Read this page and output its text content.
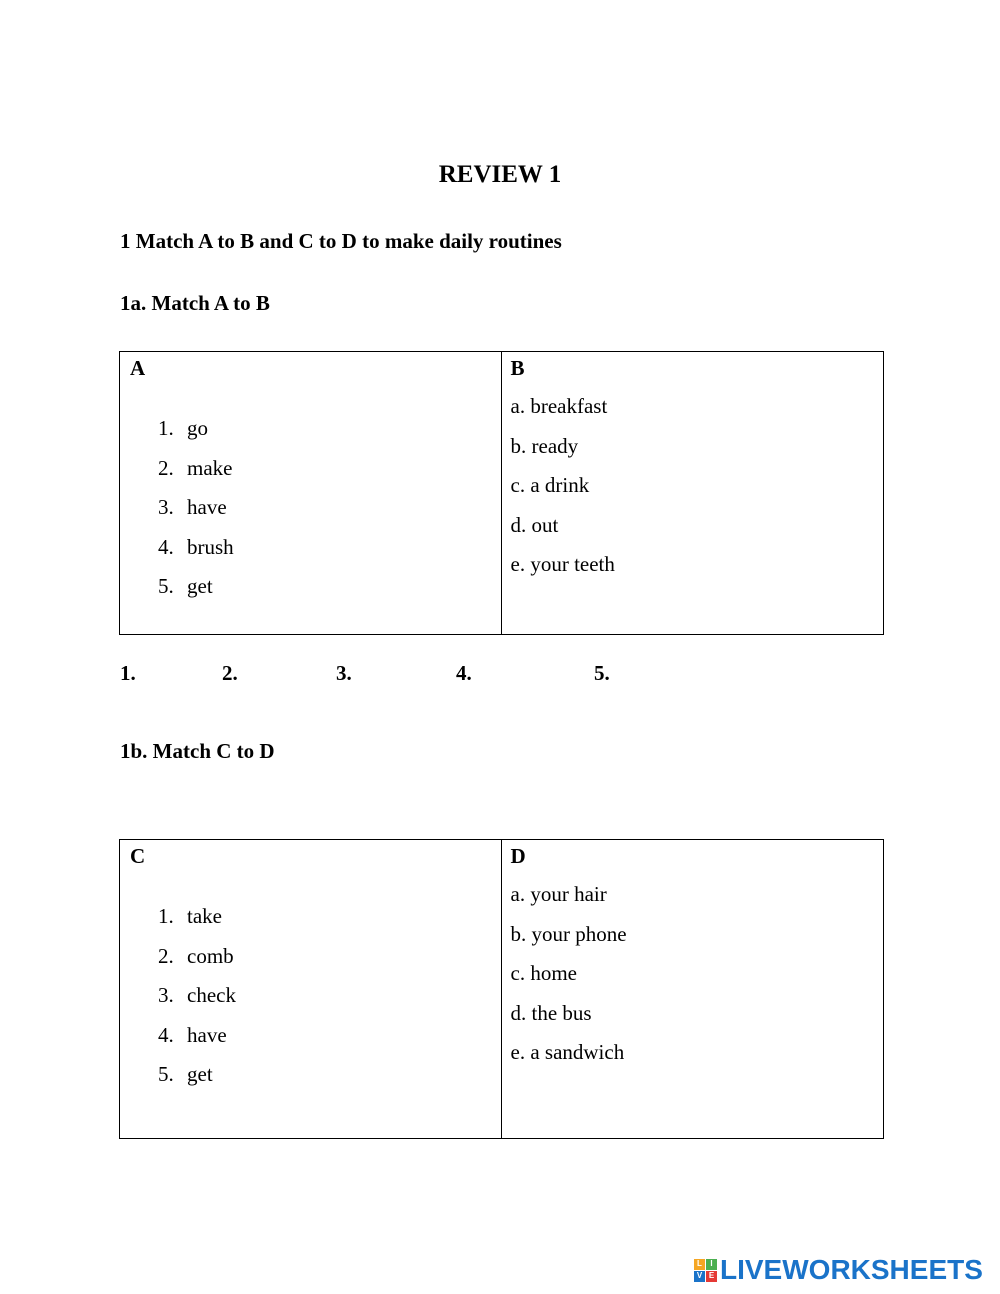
REVIEW 1
1 Match A to B and C to D to make daily routines
1a. Match A to B
A
1. go
2. make
3. have
4. brush
5. get
B
a. breakfast
b. ready
c. a drink
d. out
e. your teeth
1.	2.	3.	4.	5.
1b. Match C to D
C
1. take
2. comb
3. check
4. have
5. get
D
a. your hair
b. your phone
c. home
d. the bus
e. a sandwich
L	I
V E LIVEWORKSHEETS
